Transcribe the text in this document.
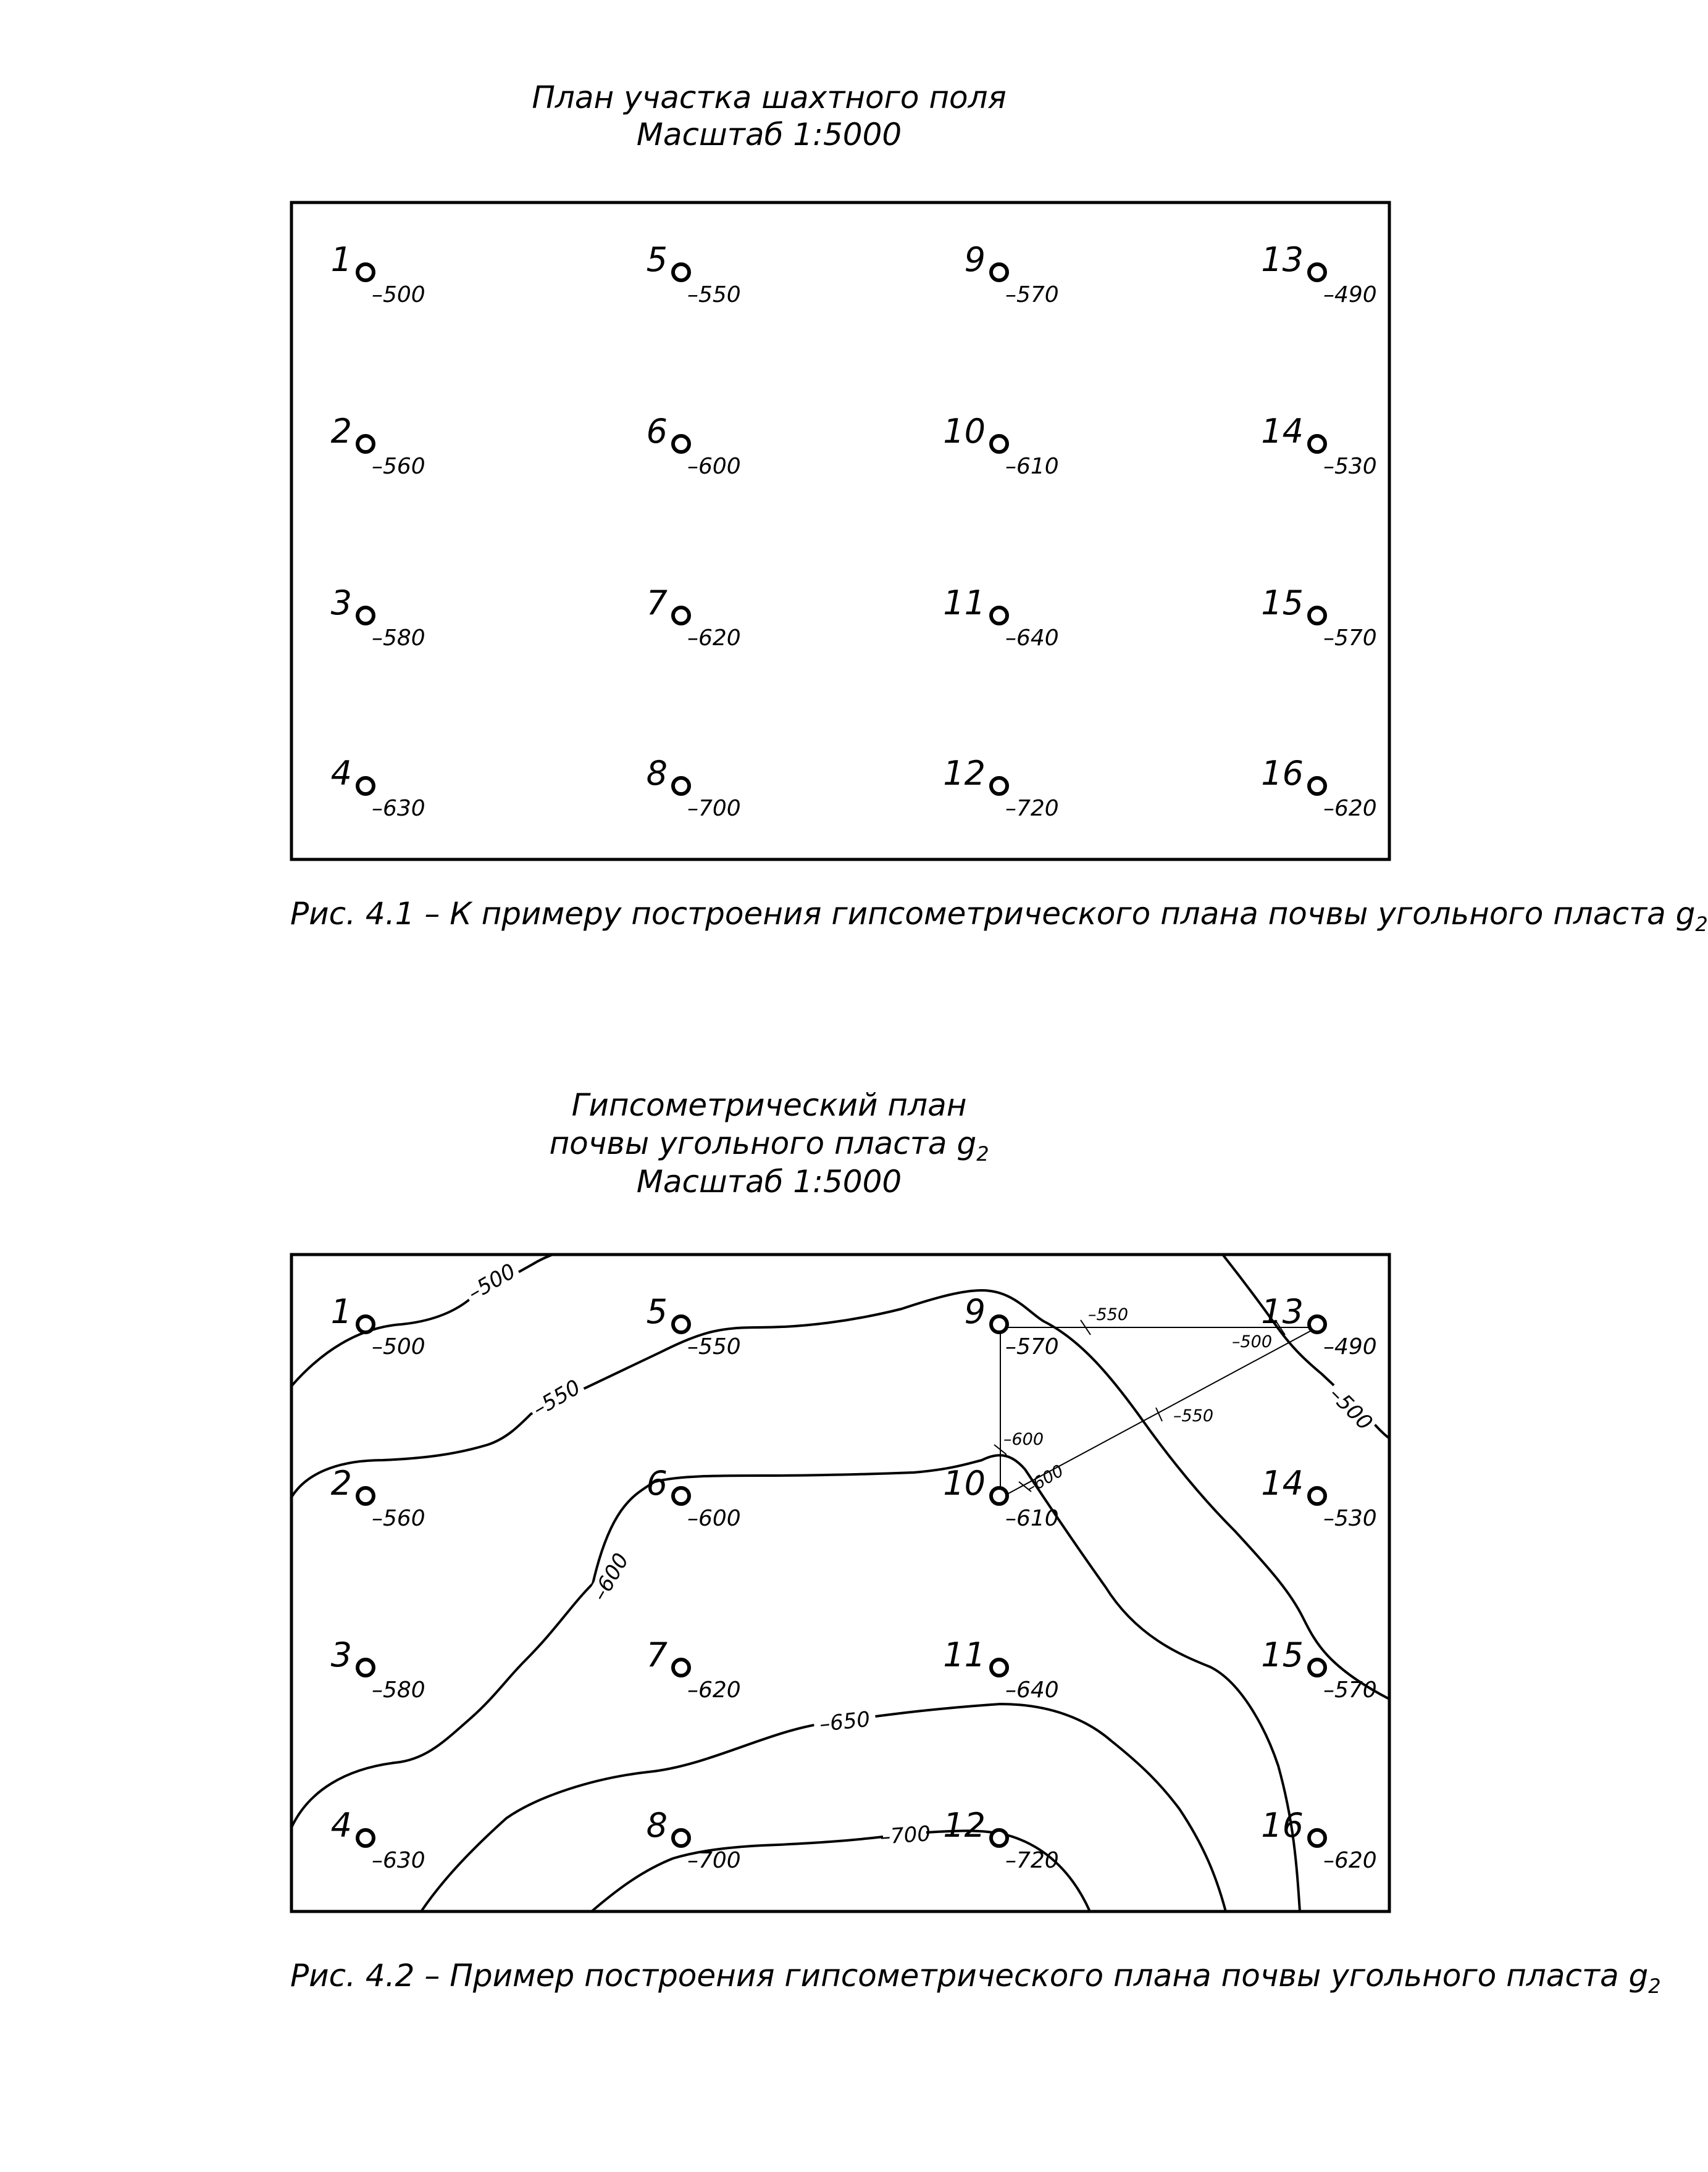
План участка шахтного поля

Масштаб 1:5000

1
–500
2
–560
3
–580
4
–630
5
–550
6
–600
7
–620
8
–700
9
–570
10
–610
11
–640
12
–720
13
–490
14
–530
15
–570
16
–620

Рис. 4.1 – К примеру построения гипсометрического плана почвы угольного пласта $g_2$

Гипсометрический план

почвы угольного пласта $g_2$

Масштаб 1:5000

–500
–550
–600
–650
–700
–500
–550
–500
–550
–600
–600
1
–500
2
–560
3
–580
4
–630
5
–550
6
–600
7
–620
8
–700
9
–570
10
–610
11
–640
12
–720
13
–490
14
–530
15
–570
16
–620

Рис. 4.2 – Пример построения гипсометрического плана почвы угольного пласта $g_2$
